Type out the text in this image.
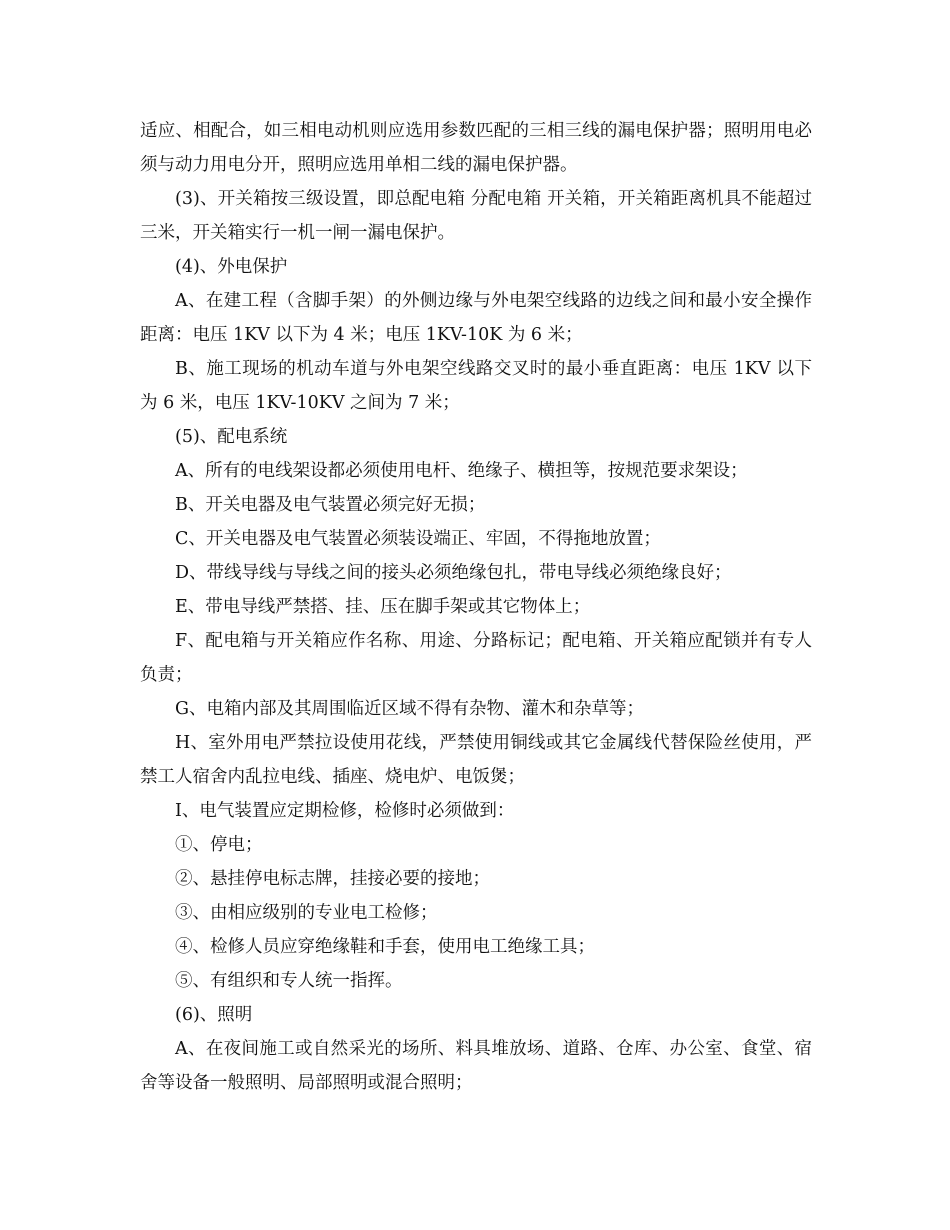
适应、相配合，如三相电动机则应选用参数匹配的三相三线的漏电保护器；照明用电必须与动力用电分开，照明应选用单相二线的漏电保护器。

(3)、开关箱按三级设置，即总配电箱 分配电箱 开关箱，开关箱距离机具不能超过三米，开关箱实行一机一闸一漏电保护。

(4)、外电保护

A、在建工程（含脚手架）的外侧边缘与外电架空线路的边线之间和最小安全操作距离：电压 1KV 以下为 4 米；电压 1KV-10K 为 6 米；

B、施工现场的机动车道与外电架空线路交叉时的最小垂直距离：电压 1KV 以下为 6 米，电压 1KV-10KV 之间为 7 米；

(5)、配电系统

A、所有的电线架设都必须使用电杆、绝缘子、横担等，按规范要求架设；

B、开关电器及电气装置必须完好无损；

C、开关电器及电气装置必须装设端正、牢固，不得拖地放置；

D、带线导线与导线之间的接头必须绝缘包扎，带电导线必须绝缘良好；

E、带电导线严禁搭、挂、压在脚手架或其它物体上；

F、配电箱与开关箱应作名称、用途、分路标记；配电箱、开关箱应配锁并有专人负责；

G、电箱内部及其周围临近区域不得有杂物、灌木和杂草等；

H、室外用电严禁拉设使用花线，严禁使用铜线或其它金属线代替保险丝使用，严禁工人宿舍内乱拉电线、插座、烧电炉、电饭煲；

I、电气装置应定期检修，检修时必须做到：

①、停电；

②、悬挂停电标志牌，挂接必要的接地；

③、由相应级别的专业电工检修；

④、检修人员应穿绝缘鞋和手套，使用电工绝缘工具；

⑤、有组织和专人统一指挥。

(6)、照明

A、在夜间施工或自然采光的场所、料具堆放场、道路、仓库、办公室、食堂、宿舍等设备一般照明、局部照明或混合照明；
